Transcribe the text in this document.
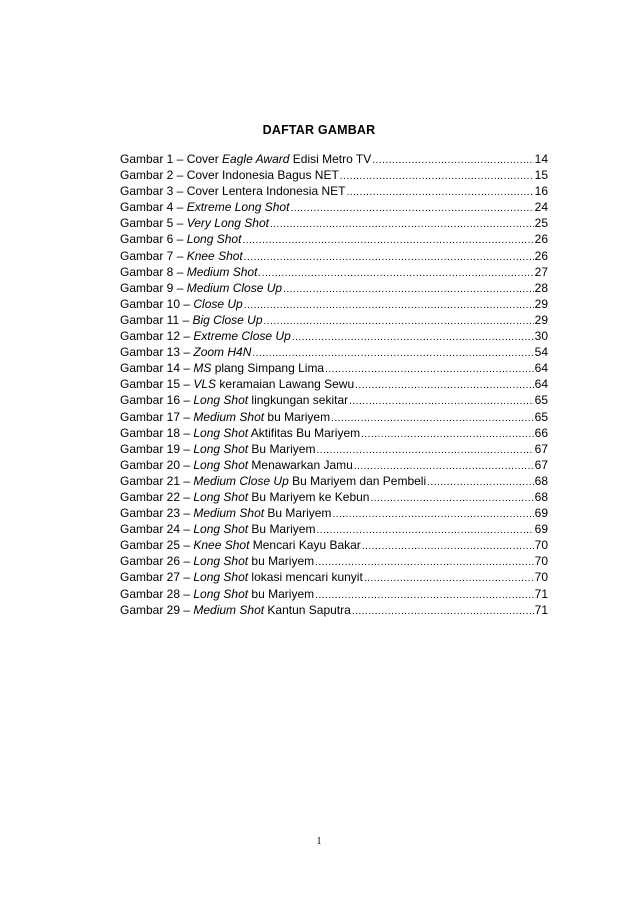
DAFTAR GAMBAR
Gambar 1 – Cover Eagle Award Edisi Metro TV .....	14
Gambar 2 – Cover Indonesia Bagus NET .....	15
Gambar 3 – Cover Lentera Indonesia NET .....	16
Gambar 4 – Extreme Long Shot .....	24
Gambar 5 – Very Long Shot .....	25
Gambar 6 – Long Shot .....	26
Gambar 7 – Knee Shot .....	26
Gambar 8 – Medium Shot. .....	27
Gambar 9 – Medium Close Up .....	28
Gambar 10 – Close Up .....	29
Gambar 11 – Big Close Up .....	29
Gambar 12 – Extreme Close Up .....	30
Gambar 13 – Zoom H4N .....	54
Gambar 14 – MS plang Simpang Lima .....	64
Gambar 15 – VLS keramaian Lawang Sewu .....	64
Gambar 16 – Long Shot lingkungan sekitar .....	65
Gambar 17 – Medium Shot bu Mariyem .....	65
Gambar 18 – Long Shot Aktifitas Bu Mariyem .....	66
Gambar 19 – Long Shot Bu Mariyem .....	67
Gambar 20 – Long Shot Menawarkan Jamu .....	67
Gambar 21 – Medium Close Up Bu Mariyem dan Pembeli .....	68
Gambar 22 – Long Shot Bu Mariyem ke Kebun .....	68
Gambar 23 – Medium Shot Bu Mariyem .....	69
Gambar 24 – Long Shot Bu Mariyem .....	69
Gambar 25 – Knee Shot Mencari Kayu Bakar .....	70
Gambar 26 – Long Shot bu Mariyem .....	70
Gambar 27 – Long Shot lokasi mencari kunyit .....	70
Gambar 28 – Long Shot bu Mariyem .....	71
Gambar 29 – Medium Shot Kantun Saputra .....	71
1
